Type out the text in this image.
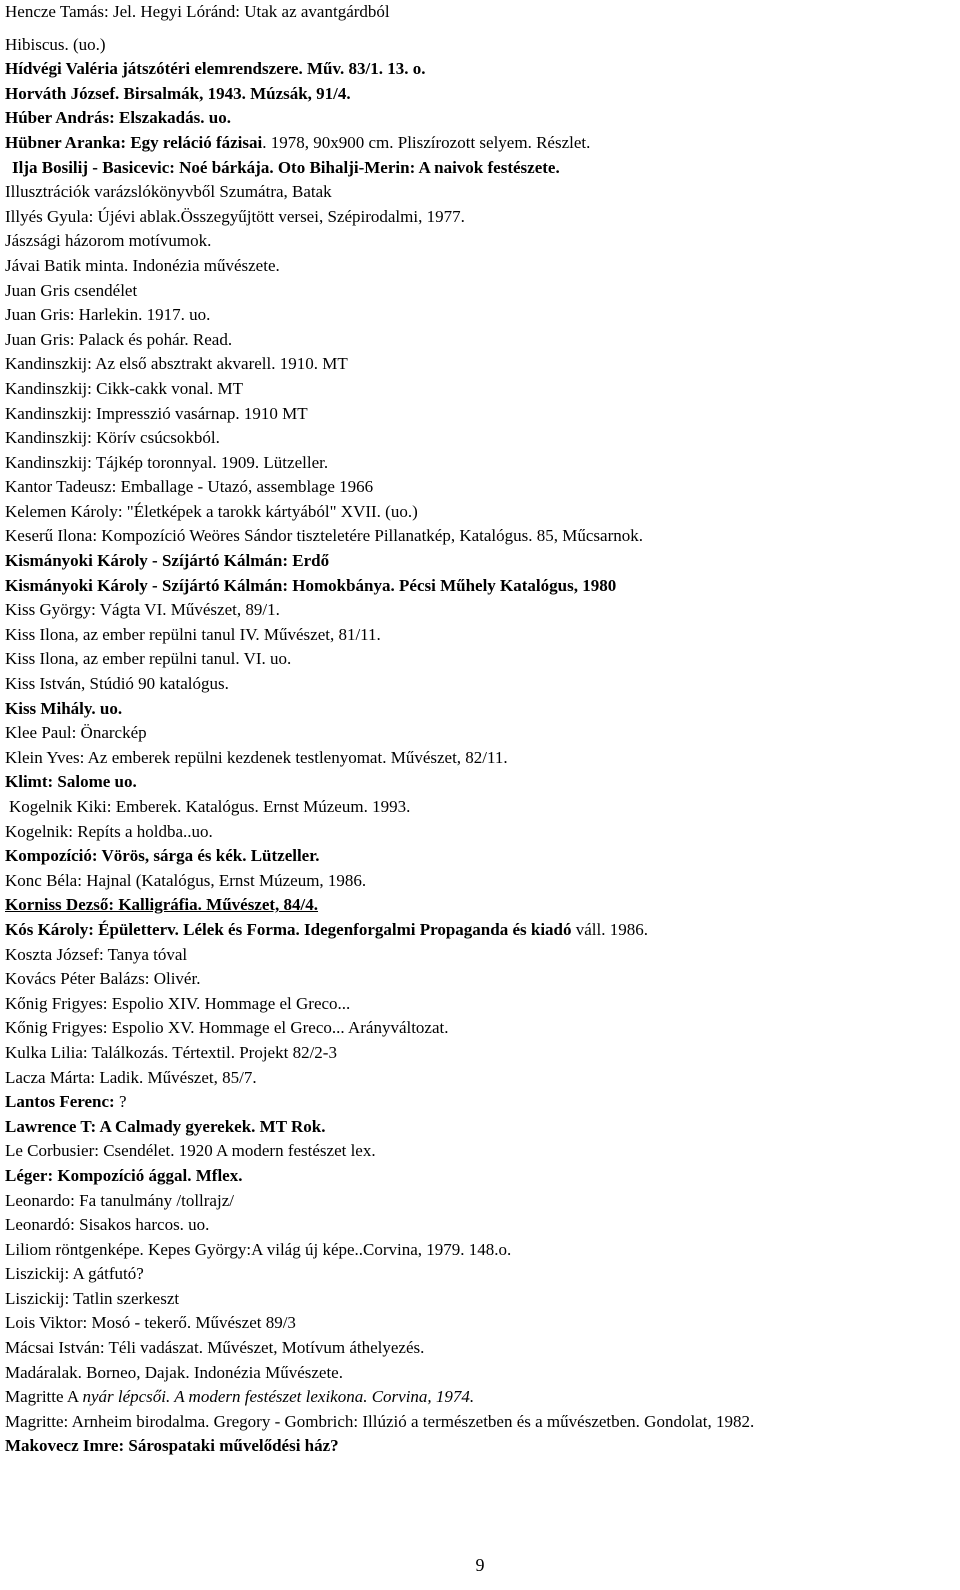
Hencze Tamás: Jel. Hegyi Lóránd: Utak az avantgárdból
Hibiscus. (uo.)
Hídvégi Valéria játszótéri elemrendszere. Műv. 83/1. 13. o.
Horváth József. Birsalmák, 1943. Múzsák, 91/4.
Húber András: Elszakadás. uo.
Hübner Aranka: Egy reláció fázisai. 1978, 90x900 cm. Pliszírozott selyem. Részlet.
Ilja Bosilij - Basicevic: Noé bárkája. Oto Bihalji-Merin: A naivok festészete.
Illusztrációk varázslókönyvből Szumátra, Batak
Illyés Gyula: Újévi ablak.Összegyűjtött versei, Szépirodalmi, 1977.
Jászsági házorom motívumok.
Jávai Batik minta. Indonézia művészete.
Juan Gris csendélet
Juan Gris: Harlekin. 1917. uo.
Juan Gris: Palack és pohár. Read.
Kandinszkij: Az első absztrakt akvarell. 1910. MT
Kandinszkij: Cikk-cakk vonal. MT
Kandinszkij: Impresszió vasárnap. 1910 MT
Kandinszkij: Körív csúcsokból.
Kandinszkij: Tájkép toronnyal. 1909. Lützeller.
Kantor Tadeusz: Emballage - Utazó, assemblage 1966
Kelemen Károly: "Életképek a tarokk kártyából" XVII. (uo.)
Keserű Ilona: Kompozíció Weöres Sándor tiszteletére Pillanatkép, Katalógus. 85, Műcsarnok.
Kismányoki Károly - Szíjártó Kálmán: Erdő
Kismányoki Károly - Szíjártó Kálmán: Homokbánya. Pécsi Műhely Katalógus, 1980
Kiss György: Vágta VI. Művészet, 89/1.
Kiss Ilona, az ember repülni tanul IV. Művészet, 81/11.
Kiss Ilona, az ember repülni tanul. VI. uo.
Kiss István, Stúdió 90 katalógus.
Kiss Mihály. uo.
Klee Paul: Önarckép
Klein Yves: Az emberek repülni kezdenek testlenyomat. Művészet, 82/11.
Klimt: Salome uo.
Kogelnik Kiki: Emberek. Katalógus. Ernst Múzeum. 1993.
Kogelnik: Repíts a holdba..uo.
Kompozíció: Vörös, sárga és kék. Lützeller.
Konc Béla: Hajnal (Katalógus, Ernst Múzeum, 1986.
Korniss Dezső: Kalligráfia. Művészet, 84/4.
Kós Károly: Épületterv. Lélek és Forma. Idegenforgalmi Propaganda és kiadó váll. 1986.
Koszta József: Tanya tóval
Kovács Péter Balázs: Olivér.
Kőnig Frigyes: Espolio XIV. Hommage el Greco...
Kőnig Frigyes: Espolio XV. Hommage el Greco... Arányváltozat.
Kulka Lilia: Találkozás. Tértextil. Projekt 82/2-3
Lacza Márta: Ladik. Művészet, 85/7.
Lantos Ferenc: ?
Lawrence T: A Calmady gyerekek. MT Rok.
Le Corbusier: Csendélet. 1920 A modern festészet lex.
Léger: Kompozíció ággal. Mflex.
Leonardo: Fa tanulmány /tollrajz/
Leonardó: Sisakos harcos. uo.
Liliom röntgenképe. Kepes György:A világ új képe..Corvina, 1979. 148.o.
Liszickij: A gátfutó?
Liszickij: Tatlin szerkeszt
Lois Viktor: Mosó - tekerő. Művészet 89/3
Mácsai István: Téli vadászat. Művészet, Motívum áthelyezés.
Madáralak. Borneo, Dajak. Indonézia Művészete.
Magritte A nyár lépcsői. A modern festészet lexikona. Corvina, 1974.
Magritte: Arnheim birodalma. Gregory - Gombrich: Illúzió a természetben és a művészetben. Gondolat, 1982.
Makovecz Imre: Sárospataki művelődési ház?
9
